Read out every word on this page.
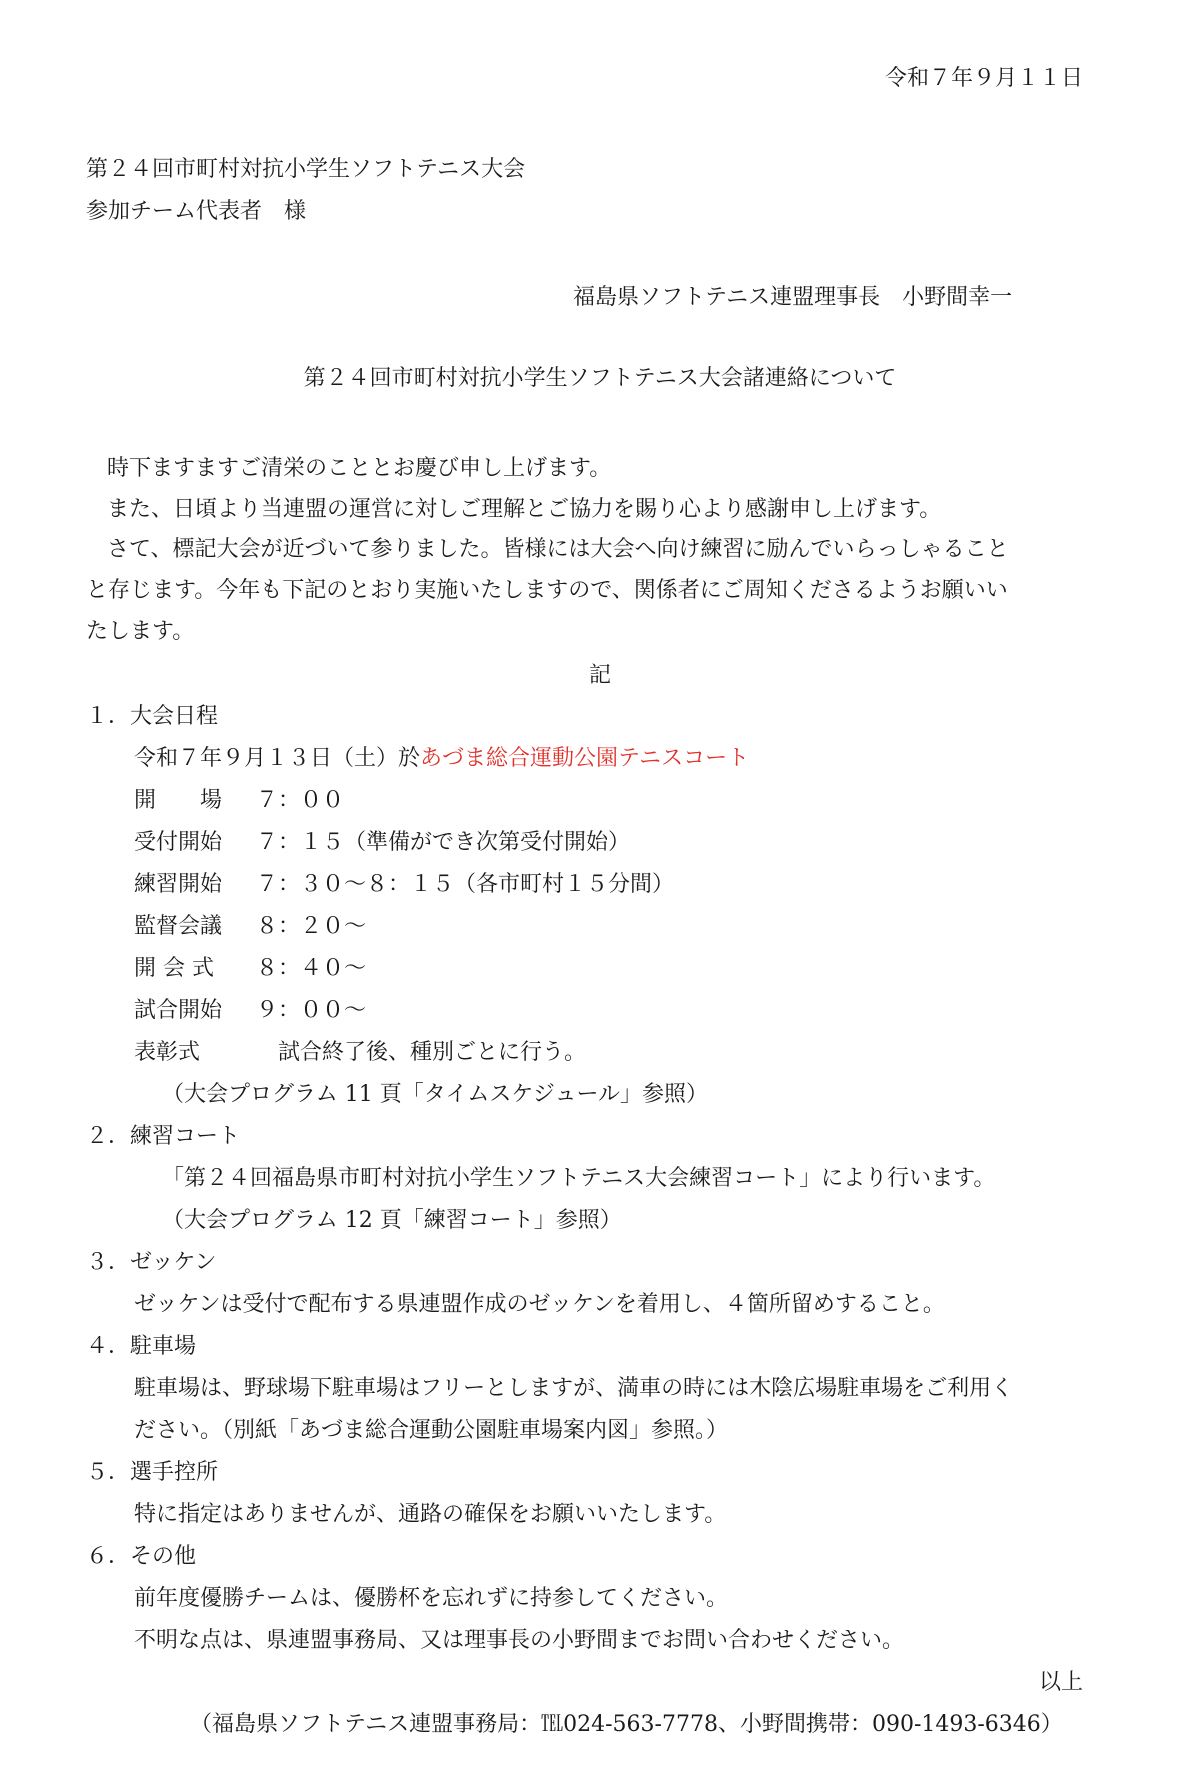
令和７年９月１１日
第２４回市町村対抗小学生ソフトテニス大会
参加チーム代表者　様
福島県ソフトテニス連盟理事長　小野間幸一
第２４回市町村対抗小学生ソフトテニス大会諸連絡について
時下ますますご清栄のこととお慶び申し上げます。
また、日頃より当連盟の運営に対しご理解とご協力を賜り心より感謝申し上げます。
さて、標記大会が近づいて参りました。皆様には大会へ向け練習に励んでいらっしゃること
と存じます。今年も下記のとおり実施いたしますので、関係者にご周知くださるようお願いい
たします。
記
１．大会日程
令和７年９月１３日（土）於あづま総合運動公園テニスコート
開　　場 ７：００
受付開始 ７：１５（準備ができ次第受付開始）
練習開始 ７：３０～８：１５（各市町村１５分間）
監督会議 ８：２０～
開 会 式 ８：４０～
試合開始 ９：００～
表彰式	　試合終了後、種別ごとに行う。
（大会プログラム 11 頁「タイムスケジュール」参照）
２．練習コート
「第２４回福島県市町村対抗小学生ソフトテニス大会練習コート」により行います。
（大会プログラム 12 頁「練習コート」参照）
３．ゼッケン
ゼッケンは受付で配布する県連盟作成のゼッケンを着用し、４箇所留めすること。
４．駐車場
駐車場は、野球場下駐車場はフリーとしますが、満車の時には木陰広場駐車場をご利用く
ださい。（別紙「あづま総合運動公園駐車場案内図」参照。）
５．選手控所
特に指定はありませんが、通路の確保をお願いいたします。
６．その他
前年度優勝チームは、優勝杯を忘れずに持参してください。
不明な点は、県連盟事務局、又は理事長の小野間までお問い合わせください。
以上
（福島県ソフトテニス連盟事務局：℡024-563-7778、小野間携帯：090-1493-6346）
